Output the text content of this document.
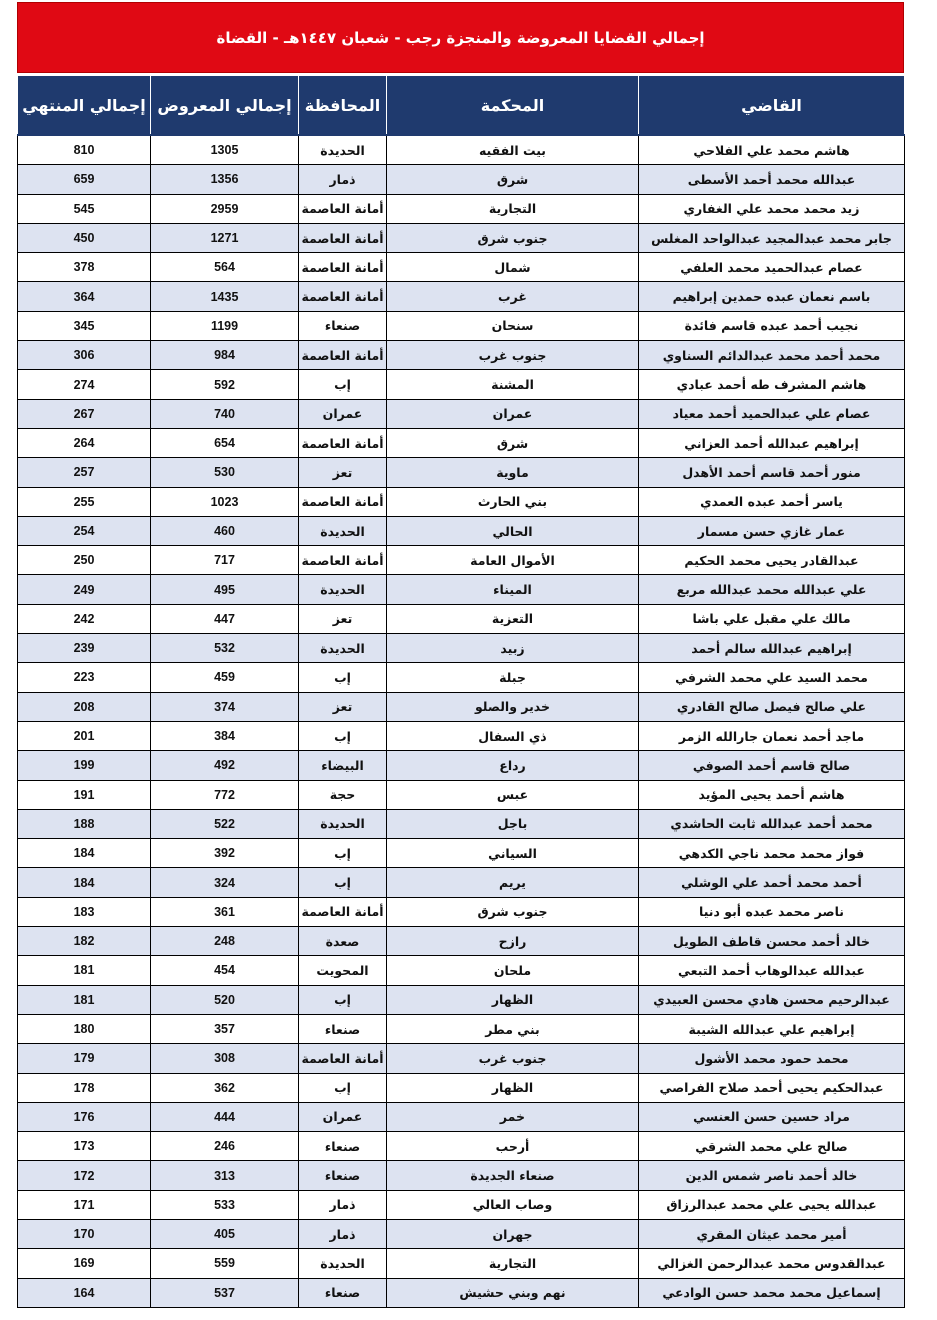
إجمالي القضايا المعروضة والمنجزة رجب - شعبان ١٤٤٧هـ - القضاة
القاضي	المحكمة	المحافظة	إجمالي المعروض	إجمالي المنتهي
هاشم محمد علي الفلاحي	بيت الفقيه	الحديدة	1305	810
عبدالله محمد أحمد الأسطى	شرق	ذمار	1356	659
زيد محمد محمد علي الغفاري	التجارية	أمانة العاصمة	2959	545
جابر محمد عبدالمجيد عبدالواحد المغلس	جنوب شرق	أمانة العاصمة	1271	450
عصام عبدالحميد محمد العلفي	شمال	أمانة العاصمة	564	378
باسم نعمان عبده حمدين إبراهيم	غرب	أمانة العاصمة	1435	364
نجيب أحمد عبده قاسم فائدة	سنحان	صنعاء	1199	345
محمد أحمد محمد عبدالدائم السناوي	جنوب غرب	أمانة العاصمة	984	306
هاشم المشرف طه أحمد عبادي	المشنة	إب	592	274
عصام علي عبدالحميد أحمد معياد	عمران	عمران	740	267
إبراهيم عبدالله أحمد العزاني	شرق	أمانة العاصمة	654	264
منور أحمد قاسم أحمد الأهدل	ماوية	تعز	530	257
ياسر أحمد عبده العمدي	بني الحارث	أمانة العاصمة	1023	255
عمار غازي حسن مسمار	الحالي	الحديدة	460	254
عبدالقادر يحيى محمد الحكيم	الأموال العامة	أمانة العاصمة	717	250
علي عبدالله محمد عبدالله مربع	الميناء	الحديدة	495	249
مالك علي مقبل علي باشا	التعزية	تعز	447	242
إبراهيم عبدالله سالم أحمد	زبيد	الحديدة	532	239
محمد السيد علي محمد الشرفي	جبلة	إب	459	223
علي صالح فيصل صالح القادري	خدير والصلو	تعز	374	208
ماجد أحمد نعمان جارالله الزمر	ذي السفال	إب	384	201
صالح قاسم أحمد الصوفي	رداع	البيضاء	492	199
هاشم أحمد يحيى المؤيد	عبس	حجة	772	191
محمد أحمد عبدالله ثابت الحاشدي	باجل	الحديدة	522	188
فواز محمد محمد ناجي الكدهي	السياني	إب	392	184
أحمد محمد أحمد علي الوشلي	يريم	إب	324	184
ناصر محمد عبده أبو دنيا	جنوب شرق	أمانة العاصمة	361	183
خالد أحمد محسن قاطف الطويل	رازح	صعدة	248	182
عبدالله عبدالوهاب أحمد التبعي	ملحان	المحويت	454	181
عبدالرحيم محسن هادي محسن العبيدي	الظهار	إب	520	181
إبراهيم علي عبدالله الشيبة	بني مطر	صنعاء	357	180
محمد حمود محمد الأشول	جنوب غرب	أمانة العاصمة	308	179
عبدالحكيم يحيى أحمد صلاح الفراصي	الظهار	إب	362	178
مراد حسين حسن العنسي	خمر	عمران	444	176
صالح علي محمد الشرقي	أرحب	صنعاء	246	173
خالد أحمد ناصر شمس الدين	صنعاء الجديدة	صنعاء	313	172
عبدالله يحيى علي محمد عبدالرزاق	وصاب العالي	ذمار	533	171
أمير محمد عيثان المقري	جهران	ذمار	405	170
عبدالقدوس محمد عبدالرحمن الغزالي	التجارية	الحديدة	559	169
إسماعيل محمد محمد حسن الوادعي	نهم وبني حشيش	صنعاء	537	164
